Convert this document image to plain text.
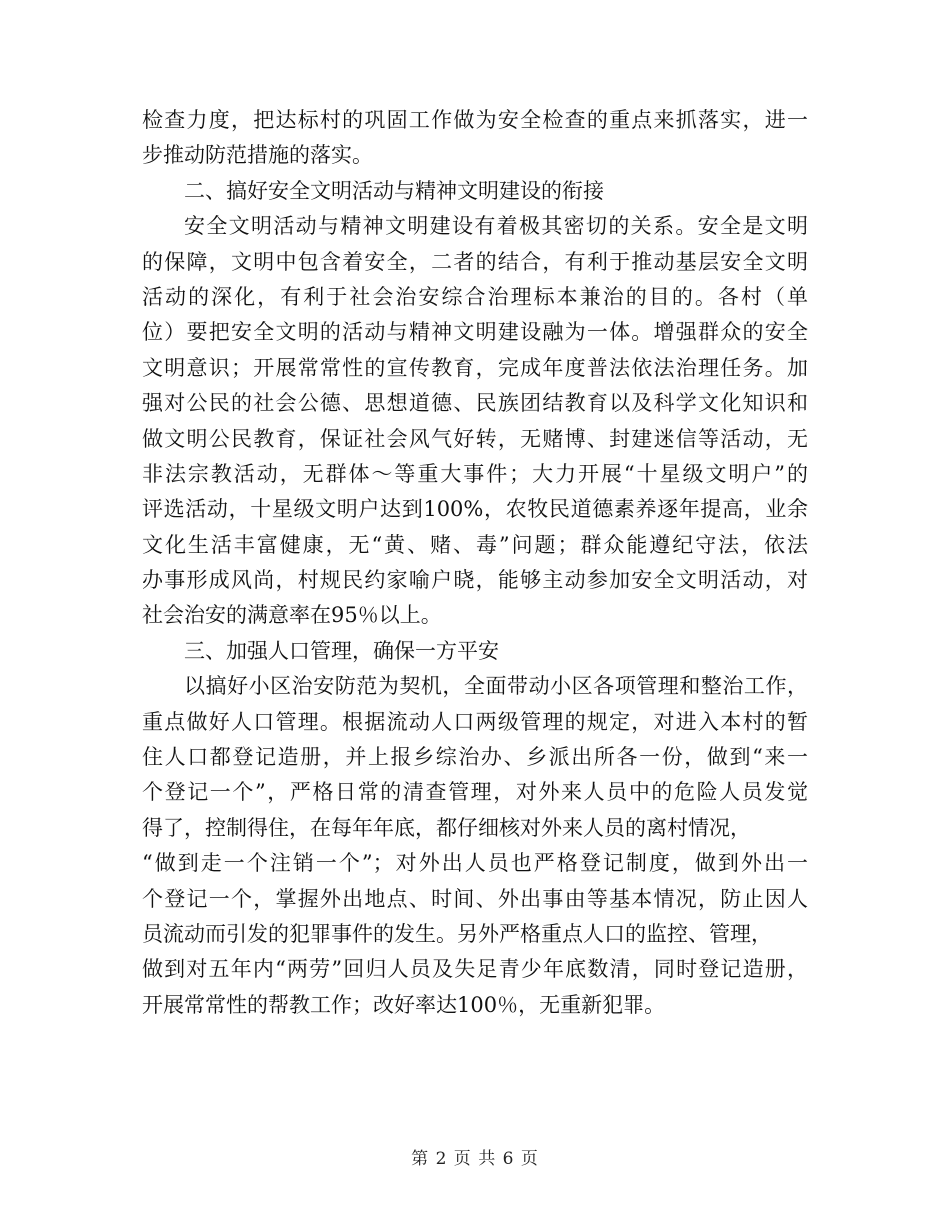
检查力度，把达标村的巩固工作做为安全检查的重点来抓落实，进一
步推动防范措施的落实。
二、搞好安全文明活动与精神文明建设的衔接
安全文明活动与精神文明建设有着极其密切的关系。安全是文明
的保障，文明中包含着安全，二者的结合，有利于推动基层安全文明
活动的深化，有利于社会治安综合治理标本兼治的目的。各村（单
位）要把安全文明的活动与精神文明建设融为一体。增强群众的安全
文明意识；开展常常性的宣传教育，完成年度普法依法治理任务。加
强对公民的社会公德、思想道德、民族团结教育以及科学文化知识和
做文明公民教育，保证社会风气好转，无赌博、封建迷信等活动，无
非法宗教活动，无群体～等重大事件；大力开展“十星级文明户”的
评选活动，十星级文明户达到100%，农牧民道德素养逐年提高，业余
文化生活丰富健康，无“黄、赌、毒”问题；群众能遵纪守法，依法
办事形成风尚，村规民约家喻户晓，能够主动参加安全文明活动，对
社会治安的满意率在95％以上。
三、加强人口管理，确保一方平安
以搞好小区治安防范为契机，全面带动小区各项管理和整治工作，
重点做好人口管理。根据流动人口两级管理的规定，对进入本村的暂
住人口都登记造册，并上报乡综治办、乡派出所各一份，做到“来一
个登记一个”，严格日常的清查管理，对外来人员中的危险人员发觉
得了，控制得住，在每年年底，都仔细核对外来人员的离村情况，
“做到走一个注销一个”；对外出人员也严格登记制度，做到外出一
个登记一个，掌握外出地点、时间、外出事由等基本情况，防止因人
员流动而引发的犯罪事件的发生。另外严格重点人口的监控、管理，
做到对五年内“两劳”回归人员及失足青少年底数清，同时登记造册，
开展常常性的帮教工作；改好率达100％，无重新犯罪。
第 2 页 共 6 页
